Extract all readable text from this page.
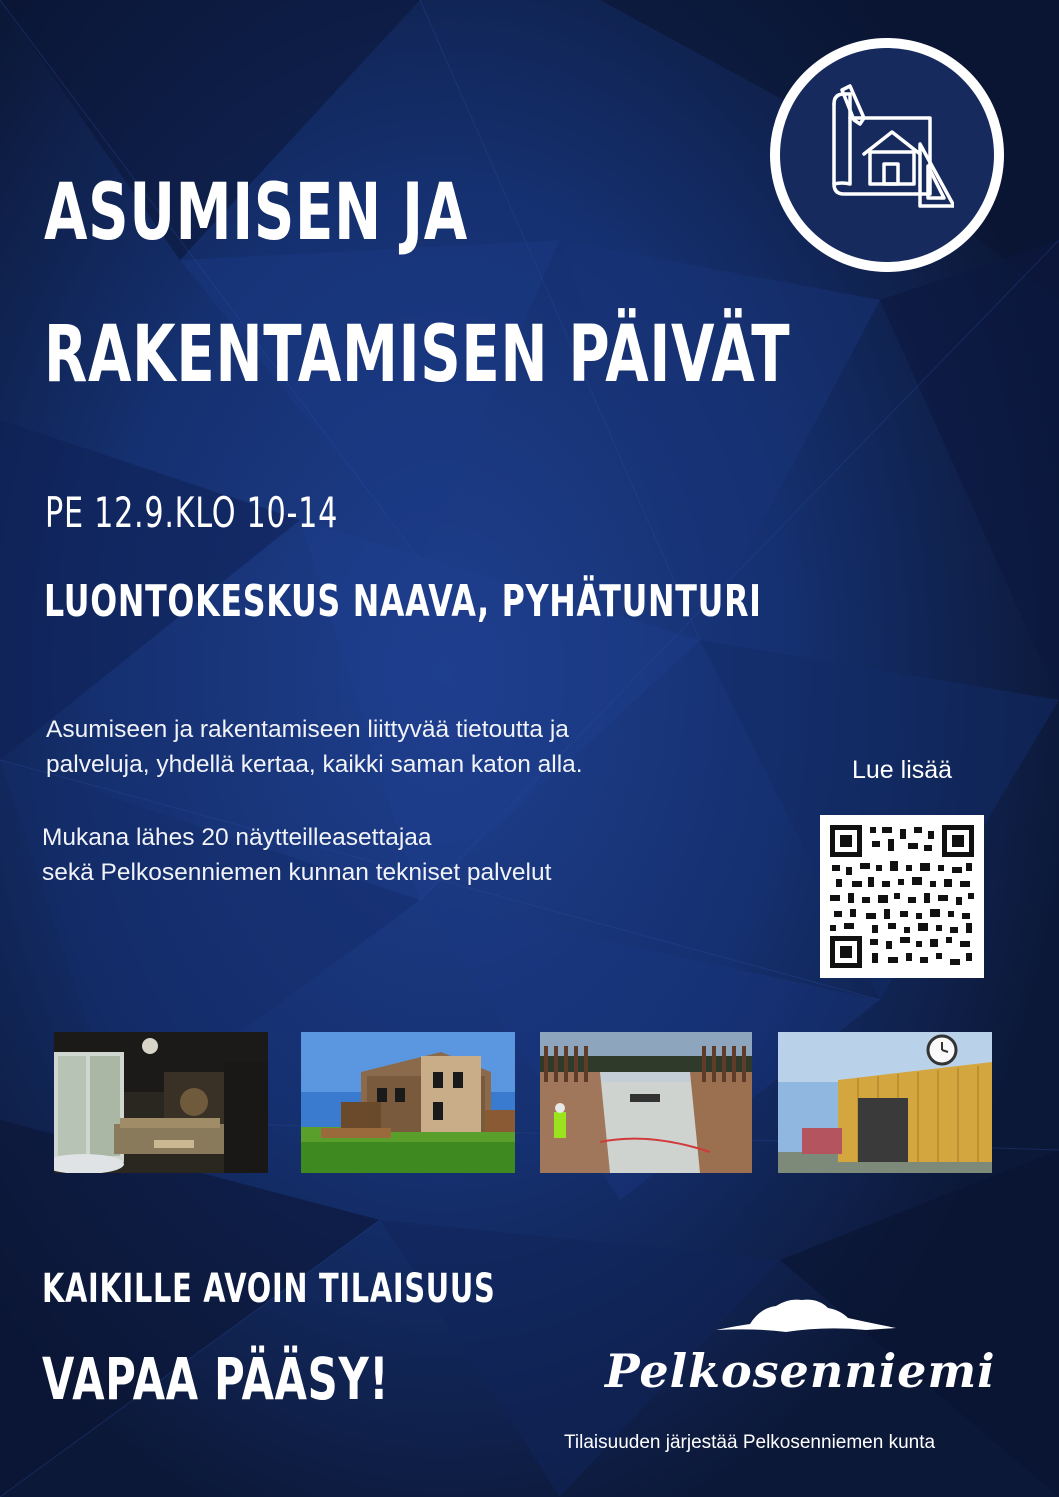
ASUMISEN JA
RAKENTAMISEN PÄIVÄT
PE 12.9.KLO 10-14
LUONTOKESKUS NAAVA, PYHÄTUNTURI
Asumiseen ja rakentamiseen liittyvää tietoutta ja
palveluja, yhdellä kertaa, kaikki saman katon alla.
Mukana lähes 20 näytteilleasettajaa
sekä Pelkosenniemen kunnan tekniset palvelut
Lue lisää
KAIKILLE AVOIN TILAISUUS
VAPAA PÄÄSY!	Pelkosenniemi
Tilaisuuden järjestää Pelkosenniemen kunta
